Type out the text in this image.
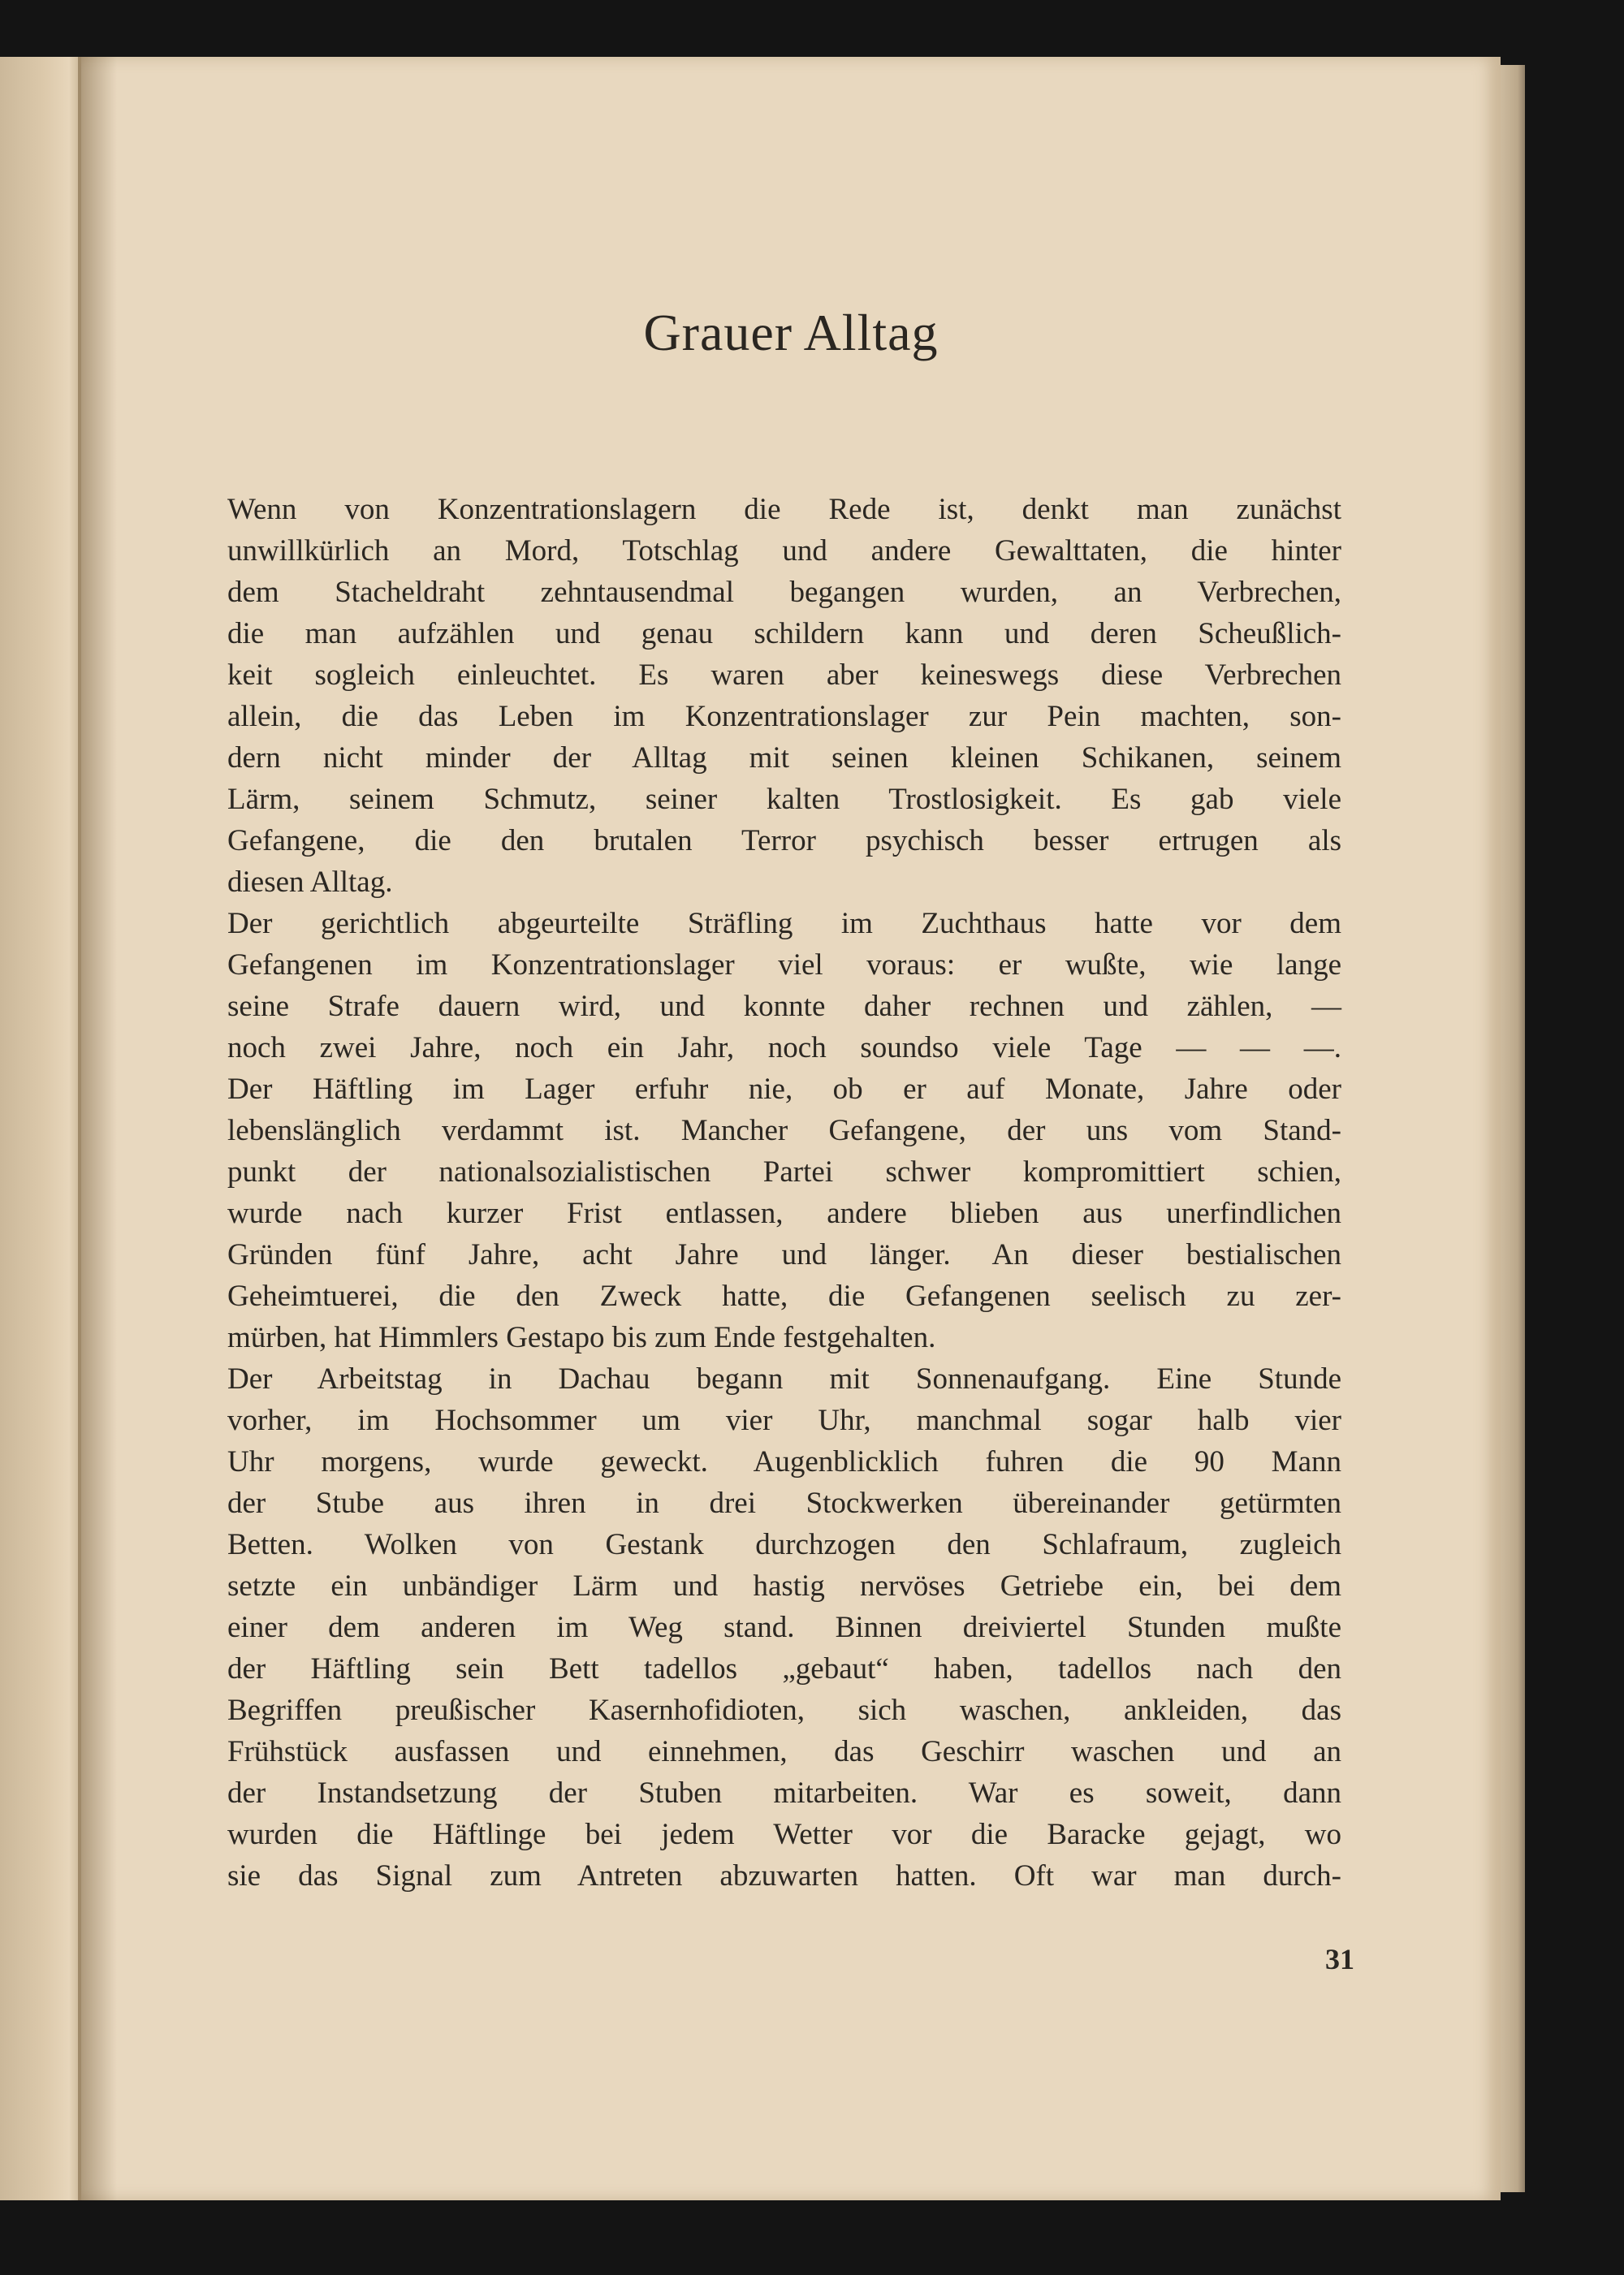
Grauer Alltag
Wenn von Konzentrationslagern die Rede ist, denkt man zunächst
unwillkürlich an Mord, Totschlag und andere Gewalttaten, die hinter
dem Stacheldraht zehntausendmal begangen wurden, an Verbrechen,
die man aufzählen und genau schildern kann und deren Scheußlich-
keit sogleich einleuchtet. Es waren aber keineswegs diese Verbrechen
allein, die das Leben im Konzentrationslager zur Pein machten, son-
dern nicht minder der Alltag mit seinen kleinen Schikanen, seinem
Lärm, seinem Schmutz, seiner kalten Trostlosigkeit. Es gab viele
Gefangene, die den brutalen Terror psychisch besser ertrugen als
diesen Alltag.
Der gerichtlich abgeurteilte Sträfling im Zuchthaus hatte vor dem
Gefangenen im Konzentrationslager viel voraus: er wußte, wie lange
seine Strafe dauern wird, und konnte daher rechnen und zählen, —
noch zwei Jahre, noch ein Jahr, noch soundso viele Tage — — —.
Der Häftling im Lager erfuhr nie, ob er auf Monate, Jahre oder
lebenslänglich verdammt ist. Mancher Gefangene, der uns vom Stand-
punkt der nationalsozialistischen Partei schwer kompromittiert schien,
wurde nach kurzer Frist entlassen, andere blieben aus unerfindlichen
Gründen fünf Jahre, acht Jahre und länger. An dieser bestialischen
Geheimtuerei, die den Zweck hatte, die Gefangenen seelisch zu zer-
mürben, hat Himmlers Gestapo bis zum Ende festgehalten.
Der Arbeitstag in Dachau begann mit Sonnenaufgang. Eine Stunde
vorher, im Hochsommer um vier Uhr, manchmal sogar halb vier
Uhr morgens, wurde geweckt. Augenblicklich fuhren die 90 Mann
der Stube aus ihren in drei Stockwerken übereinander getürmten
Betten. Wolken von Gestank durchzogen den Schlafraum, zugleich
setzte ein unbändiger Lärm und hastig nervöses Getriebe ein, bei dem
einer dem anderen im Weg stand. Binnen dreiviertel Stunden mußte
der Häftling sein Bett tadellos „gebaut“ haben, tadellos nach den
Begriffen preußischer Kasernhofidioten, sich waschen, ankleiden, das
Frühstück ausfassen und einnehmen, das Geschirr waschen und an
der Instandsetzung der Stuben mitarbeiten. War es soweit, dann
wurden die Häftlinge bei jedem Wetter vor die Baracke gejagt, wo
sie das Signal zum Antreten abzuwarten hatten. Oft war man durch-
31
